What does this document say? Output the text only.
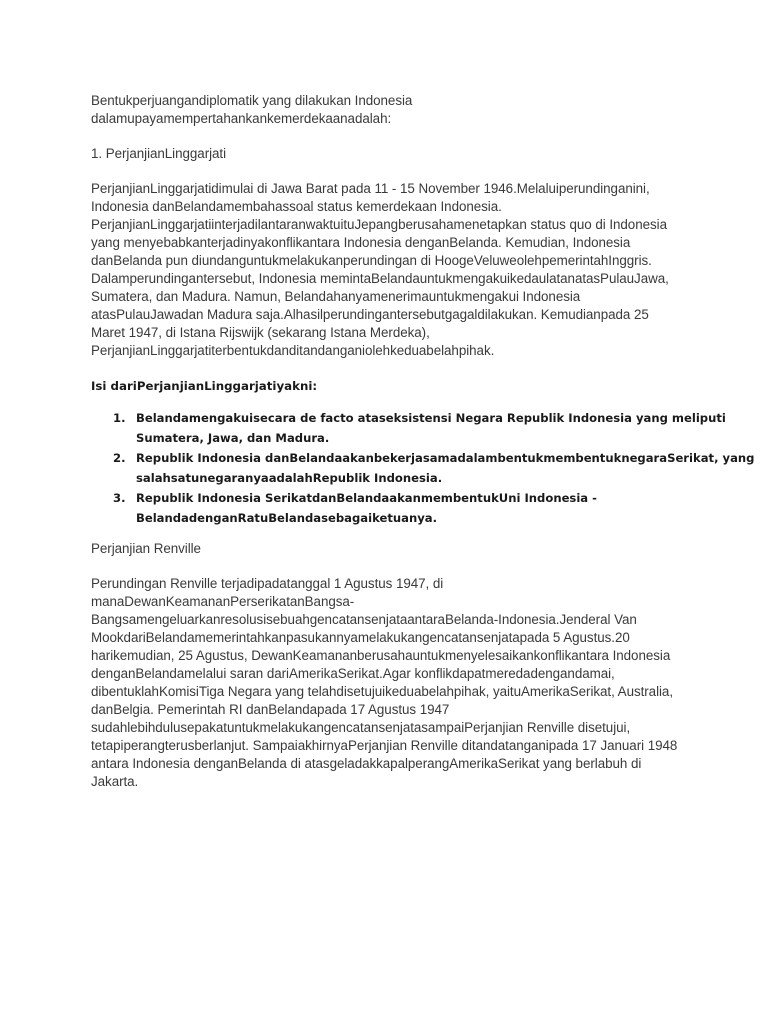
Bentukperjuangandiplomatik yang dilakukan Indonesia
dalamupayamempertahankankemerdekaanadalah:

1. PerjanjianLinggarjati

PerjanjianLinggarjatidimulai di Jawa Barat pada 11 - 15 November 1946.Melaluiperundinganini,
Indonesia danBelandamembahassoal status kemerdekaan Indonesia.
PerjanjianLinggarjatiinterjadilantaranwaktuituJepangberusahamenetapkan status quo di Indonesia
yang menyebabkanterjadinyakonflikantara Indonesia denganBelanda. Kemudian, Indonesia
danBelanda pun diundanguntukmelakukanperundingan di HoogeVeluweolehpemerintahInggris.
Dalamperundingantersebut, Indonesia memintaBelandauntukmengakuikedaulatanatasPulauJawa,
Sumatera, dan Madura. Namun, Belandahanyamenerimauntukmengakui Indonesia
atasPulauJawadan Madura saja.Alhasilperundingantersebutgagaldilakukan. Kemudianpada 25
Maret 1947, di Istana Rijswijk (sekarang Istana Merdeka),
PerjanjianLinggarjatiterbentukdanditandanganiolehkeduabelahpihak.

Isi dariPerjanjianLinggarjatiyakni:

1. Belandamengakuisecara de facto ataseksistensi Negara Republik Indonesia yang meliputi
Sumatera, Jawa, dan Madura.
2. Republik Indonesia danBelandaakanbekerjasamadalambentukmembentuknegaraSerikat, yang
salahsatunegaranyaadalahRepublik Indonesia.
3. Republik Indonesia SerikatdanBelandaakanmembentukUni Indonesia -
BelandadenganRatuBelandasebagaiketuanya.

Perjanjian Renville

Perundingan Renville terjadipadatanggal 1 Agustus 1947, di
manaDewanKeamananPerserikatanBangsa-
BangsamengeluarkanresolusisebuahgencatansenjataantaraBelanda-Indonesia.Jenderal Van
MookdariBelandamemerintahkanpasukannyamelakukangencatansenjatapada 5 Agustus.20
harikemudian, 25 Agustus, DewanKeamananberusahauntukmenyelesaikankonflikantara Indonesia
denganBelandamelalui saran dariAmerikaSerikat.Agar konflikdapatmeredadengandamai,
dibentuklahKomisiTiga Negara yang telahdisetujuikeduabelahpihak, yaituAmerikaSerikat, Australia,
danBelgia. Pemerintah RI danBelandapada 17 Agustus 1947
sudahlebihdulusepakatuntukmelakukangencatansenjatasampaiPerjanjian Renville disetujui,
tetapiperangterusberlanjut. SampaiakhirnyaPerjanjian Renville ditandatanganipada 17 Januari 1948
antara Indonesia denganBelanda di atasgeladakkapalperangAmerikaSerikat yang berlabuh di
Jakarta.
